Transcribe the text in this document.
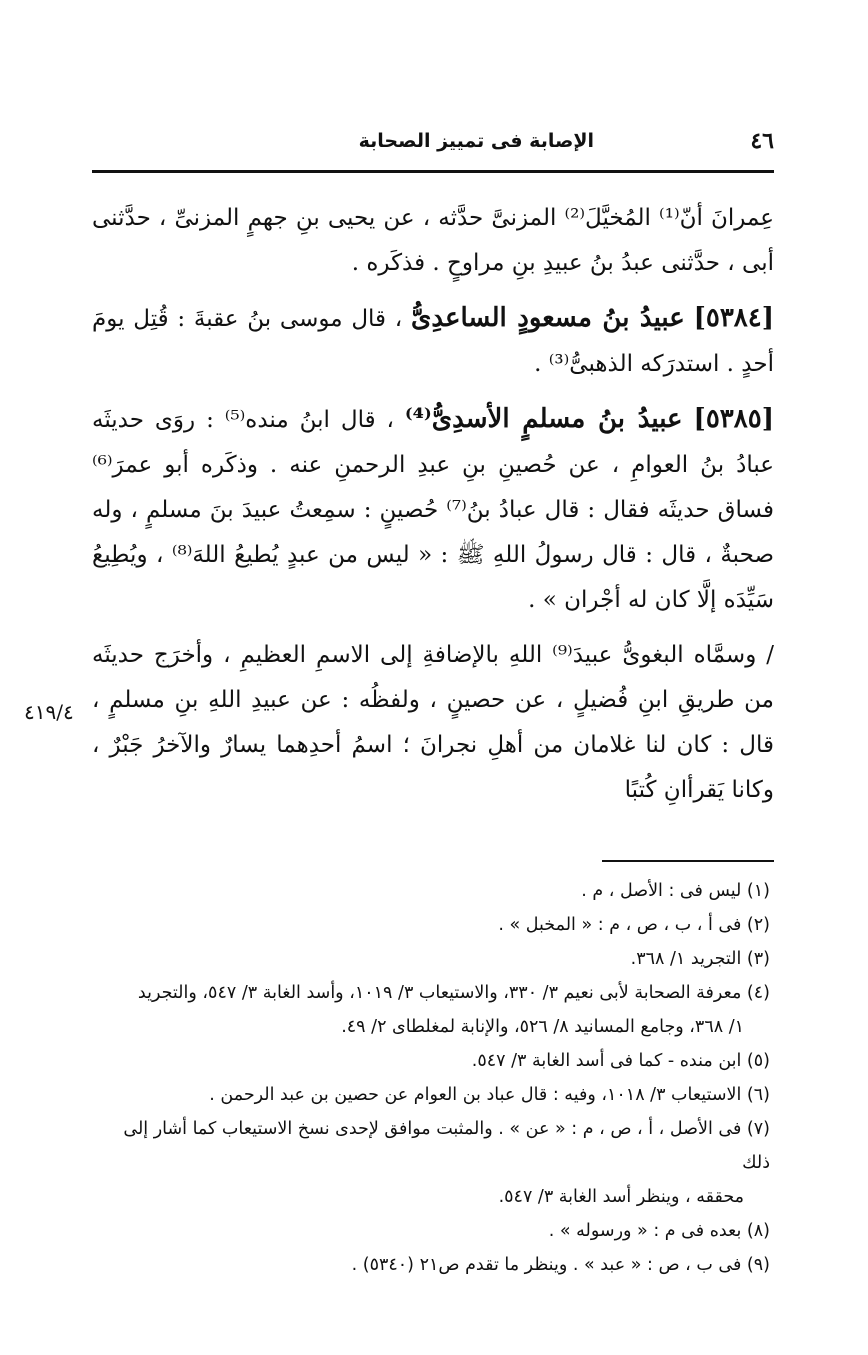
٤٦
الإصابة فى تمييز الصحابة

عِمرانَ أنّ⁽¹⁾ المُخيَّلَ⁽²⁾ المزنىَّ حدَّثه ، عن يحيى بنِ جهمٍ المزنىِّ ، حدَّثنى أبى ، حدَّثنى عبدُ بنُ عبيدِ بنِ مراوحٍ . فذكَره .

[٥٣٨٤] عبيدُ بنُ مسعودٍ الساعدِىُّ ، قال موسى بنُ عقبةَ : قُتِل يومَ أحدٍ . استدرَكه الذهبىُّ⁽³⁾ .

[٥٣٨٥] عبيدُ بنُ مسلمٍ الأسدِىُّ⁽⁴⁾ ، قال ابنُ منده⁽⁵⁾ : روَى حديثَه عبادُ بنُ العوامِ ، عن حُصينِ بنِ عبدِ الرحمنِ عنه . وذكَره أبو عمرَ⁽⁶⁾ فساق حديثَه فقال : قال عبادُ بنُ⁽⁷⁾ حُصينٍ : سمِعتُ عبيدَ بنَ مسلمٍ ، وله صحبةٌ ، قال : قال رسولُ اللهِ ﷺ : « ليس من عبدٍ يُطيعُ اللهَ⁽⁸⁾ ، ويُطِيعُ سَيِّدَه إلَّا كان له أجْران » .

/ وسمَّاه البغوىُّ عبيدَ⁽⁹⁾ اللهِ بالإضافةِ إلى الاسمِ العظيمِ ، وأخرَج حديثَه من طريقِ ابنِ فُضيلٍ ، عن حصينٍ ، ولفظُه : عن عبيدِ اللهِ بنِ مسلمٍ ، قال : كان لنا غلامان من أهلِ نجرانَ ؛ اسمُ أحدِهما يسارٌ والآخرُ جَبْرٌ ، وكانا يَقرأانِ كُتبًا

٤١٩/٤

(١) ليس فى : الأصل ، م .

(٢) فى أ ، ب ، ص ، م : « المخبل » .

(٣) التجريد ١/ ٣٦٨.

(٤) معرفة الصحابة لأبى نعيم ٣/ ٣٣٠، والاستيعاب ٣/ ١٠١٩، وأسد الغابة ٣/ ٥٤٧، والتجريد
١/ ٣٦٨، وجامع المسانيد ٨/ ٥٢٦، والإنابة لمغلطاى ٢/ ٤٩.

(٥) ابن منده - كما فى أسد الغابة ٣/ ٥٤٧.

(٦) الاستيعاب ٣/ ١٠١٨، وفيه : قال عباد بن العوام عن حصين بن عبد الرحمن .

(٧) فى الأصل ، أ ، ص ، م : « عن » . والمثبت موافق لإحدى نسخ الاستيعاب كما أشار إلى ذلك
محققه ، وينظر أسد الغابة ٣/ ٥٤٧.

(٨) بعده فى م : « ورسوله » .

(٩) فى ب ، ص : « عبد » . وينظر ما تقدم ص٢١ (٥٣٤٠) .
